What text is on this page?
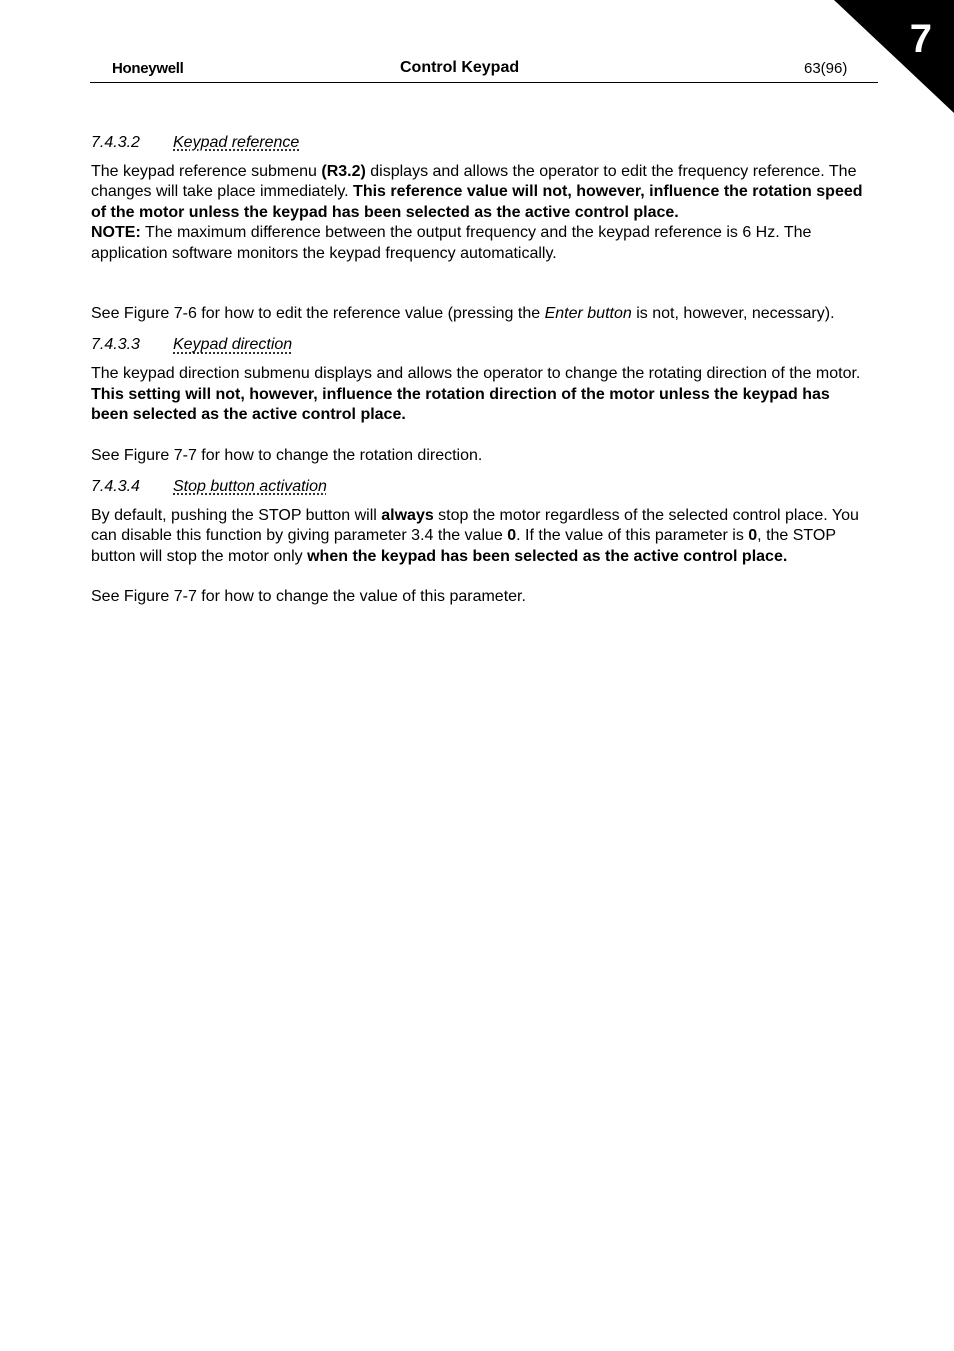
7
Honeywell	Control Keypad	63(96)
7.4.3.2 Keypad reference

The keypad reference submenu (R3.2) displays and allows the operator to edit the frequency reference. The changes will take place immediately. This reference value will not, however, influence the rotation speed of the motor unless the keypad has been selected as the active control place.

NOTE: The maximum difference between the output frequency and the keypad reference is 6 Hz. The application software monitors the keypad frequency automatically.

See Figure 7-6 for how to edit the reference value (pressing the Enter button is not, however, necessary).

7.4.3.3 Keypad direction

The keypad direction submenu displays and allows the operator to change the rotating direction of the motor. This setting will not, however, influence the rotation direction of the motor unless the keypad has been selected as the active control place.

See Figure 7-7 for how to change the rotation direction.

7.4.3.4 Stop button activation

By default, pushing the STOP button will always stop the motor regardless of the selected control place. You can disable this function by giving parameter 3.4 the value 0. If the value of this parameter is 0, the STOP button will stop the motor only when the keypad has been selected as the active control place.

See Figure 7-7 for how to change the value of this parameter.
